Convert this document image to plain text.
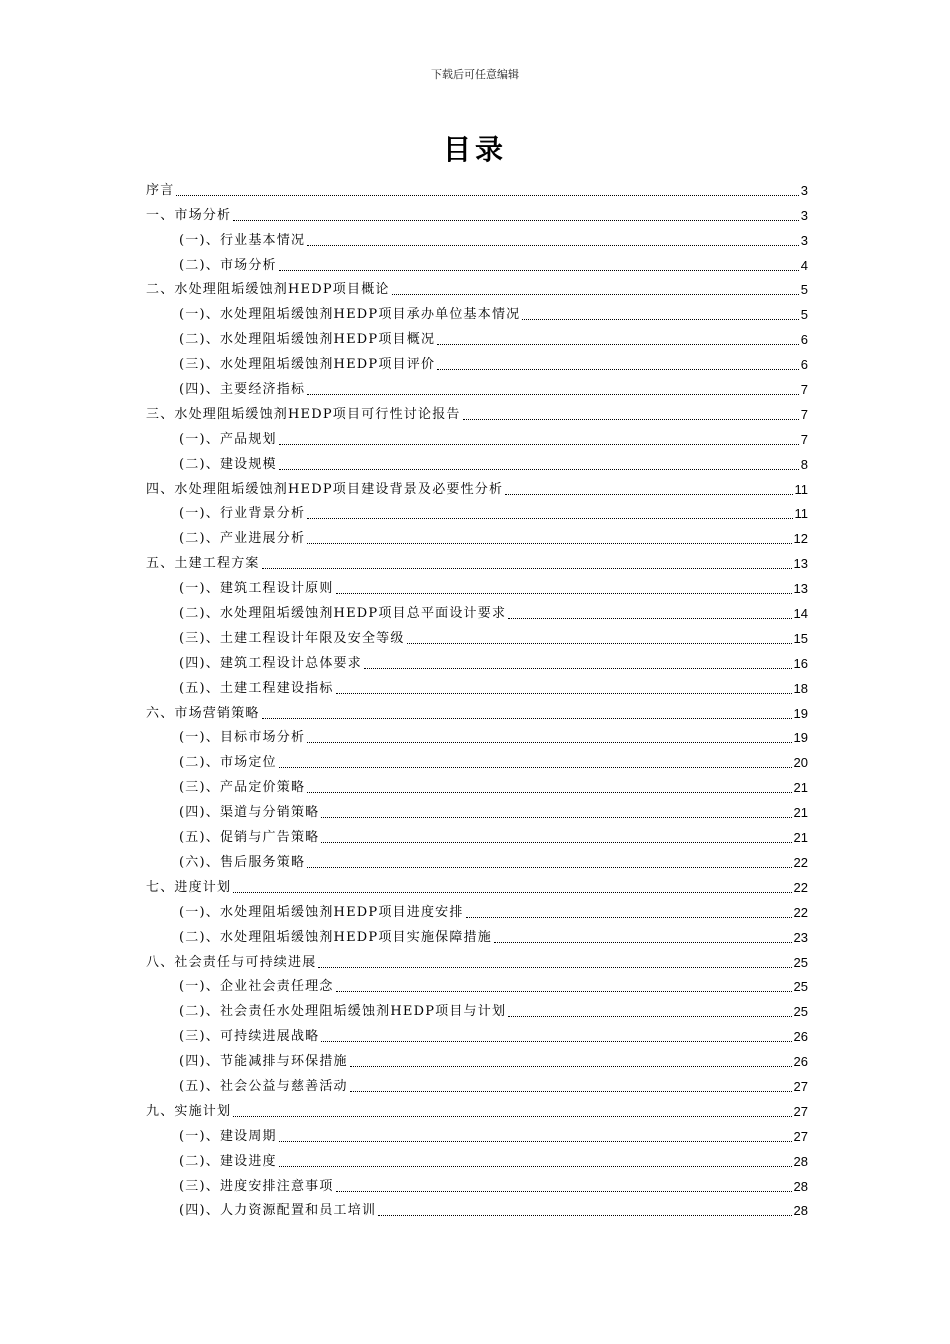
下载后可任意编辑
目录
序言	3
一、市场分析	3
(一)、行业基本情况	3
(二)、市场分析	4
二、水处理阻垢缓蚀剂HEDP项目概论	5
(一)、水处理阻垢缓蚀剂HEDP项目承办单位基本情况	5
(二)、水处理阻垢缓蚀剂HEDP项目概况	6
(三)、水处理阻垢缓蚀剂HEDP项目评价	6
(四)、主要经济指标	7
三、水处理阻垢缓蚀剂HEDP项目可行性讨论报告	7
(一)、产品规划	7
(二)、建设规模	8
四、水处理阻垢缓蚀剂HEDP项目建设背景及必要性分析	11
(一)、行业背景分析	11
(二)、产业进展分析	12
五、土建工程方案	13
(一)、建筑工程设计原则	13
(二)、水处理阻垢缓蚀剂HEDP项目总平面设计要求	14
(三)、土建工程设计年限及安全等级	15
(四)、建筑工程设计总体要求	16
(五)、土建工程建设指标	18
六、市场营销策略	19
(一)、目标市场分析	19
(二)、市场定位	20
(三)、产品定价策略	21
(四)、渠道与分销策略	21
(五)、促销与广告策略	21
(六)、售后服务策略	22
七、进度计划	22
(一)、水处理阻垢缓蚀剂HEDP项目进度安排	22
(二)、水处理阻垢缓蚀剂HEDP项目实施保障措施	23
八、社会责任与可持续进展	25
(一)、企业社会责任理念	25
(二)、社会责任水处理阻垢缓蚀剂HEDP项目与计划	25
(三)、可持续进展战略	26
(四)、节能减排与环保措施	26
(五)、社会公益与慈善活动	27
九、实施计划	27
(一)、建设周期	27
(二)、建设进度	28
(三)、进度安排注意事项	28
(四)、人力资源配置和员工培训	28
